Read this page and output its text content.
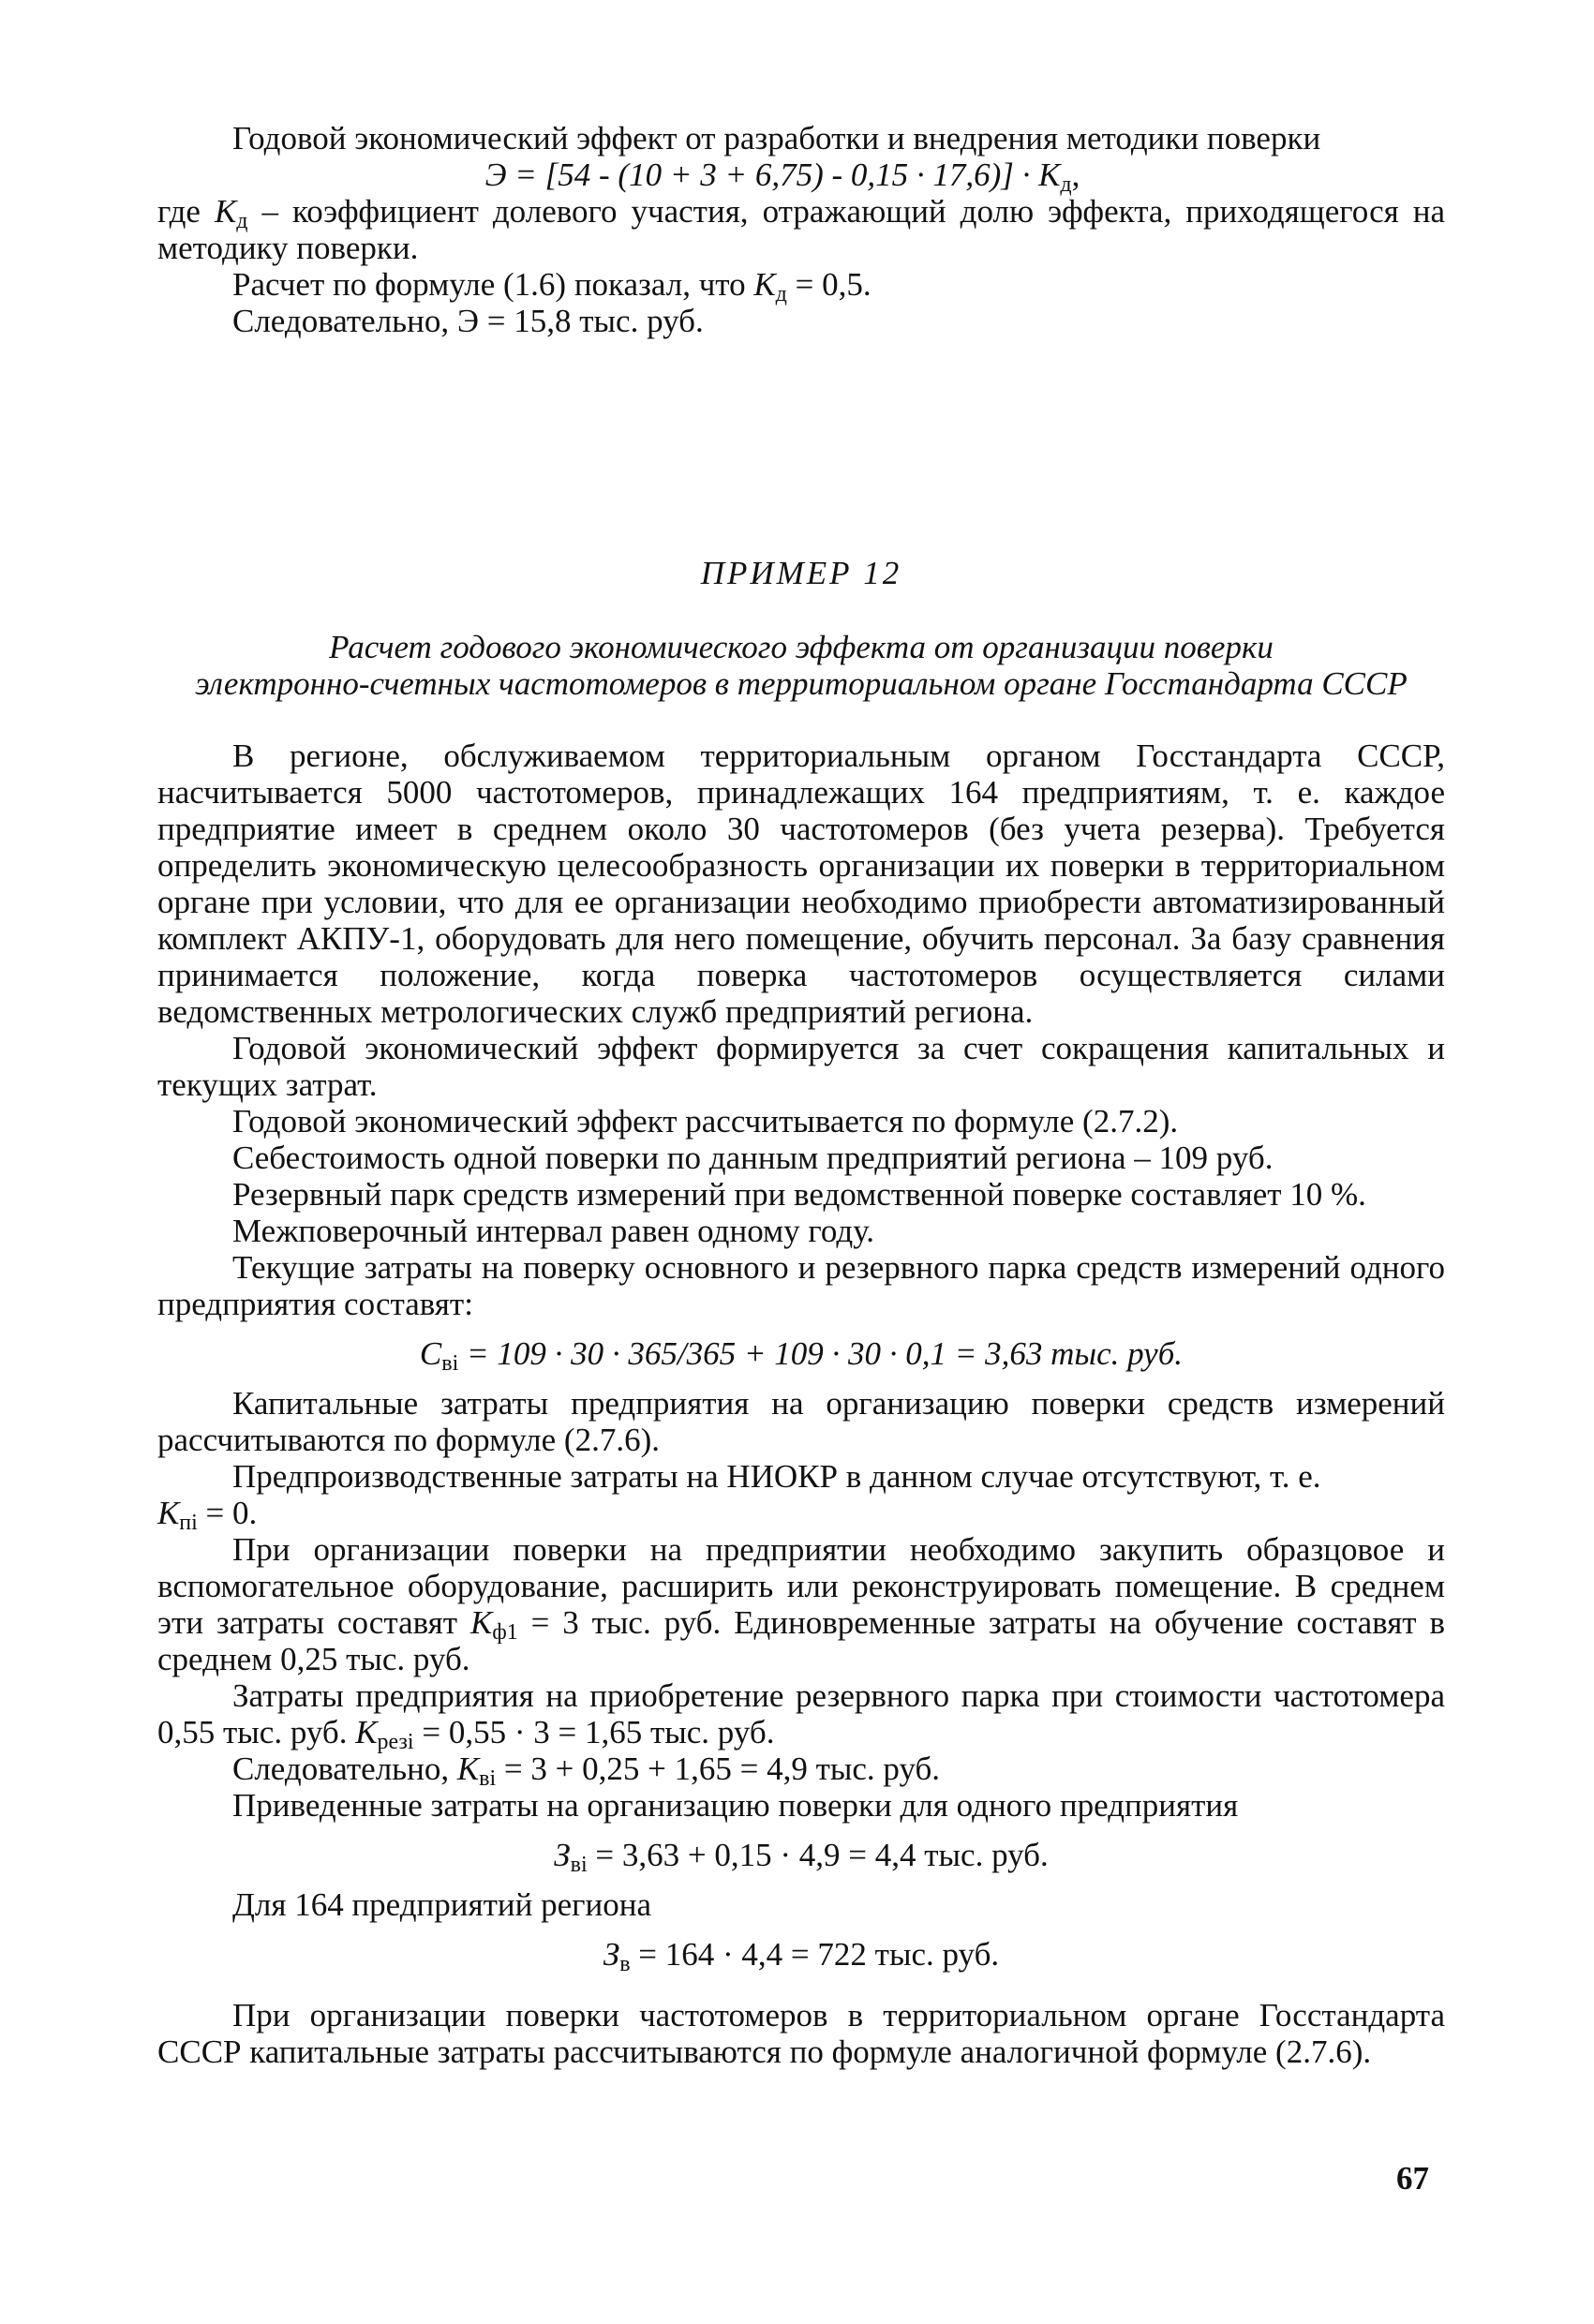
Годовой экономический эффект от разработки и внедрения методики поверки

$Э = [54 - (10 + 3 + 6,75) - 0,15 \cdot 17,6)] \cdot К_д$,

где $К_д$ – коэффициент долевого участия, отражающий долю эффекта, приходящегося на методику поверки.

Расчет по формуле (1.6) показал, что $К_д = 0,5$.

Следовательно, Э = 15,8 тыс. руб.

ПРИМЕР 12

Расчет годового экономического эффекта от организации поверки

электронно-счетных частотомеров в территориальном органе Госстандарта СССР

В регионе, обслуживаемом территориальным органом Госстандарта СССР, насчитывается 5000 частотомеров, принадлежащих 164 предприятиям, т. е. каждое предприятие имеет в среднем около 30 частотомеров (без учета резерва). Требуется определить экономическую целесообразность организации их поверки в территориальном органе при условии, что для ее организации необходимо приобрести автоматизированный комплект АКПУ-1, оборудовать для него помещение, обучить персонал. За базу сравнения принимается положение, когда поверка частотомеров осуществляется силами ведомственных метрологических служб предприятий региона.

Годовой экономический эффект формируется за счет сокращения капитальных и текущих затрат.

Годовой экономический эффект рассчитывается по формуле (2.7.2).

Себестоимость одной поверки по данным предприятий региона – 109 руб.

Резервный парк средств измерений при ведомственной поверке составляет 10 %.

Межповерочный интервал равен одному году.

Текущие затраты на поверку основного и резервного парка средств измерений одного предприятия составят:

$С_{вi} = 109 \cdot 30 \cdot 365/365 + 109 \cdot 30 \cdot 0,1 = 3,63$ тыс. руб.

Капитальные затраты предприятия на организацию поверки средств измерений рассчитываются по формуле (2.7.6).

Предпроизводственные затраты на НИОКР в данном случае отсутствуют, т. е.

$К_{пi} = 0$.

При организации поверки на предприятии необходимо закупить образцовое и вспомогательное оборудование, расширить или реконструировать помещение. В среднем эти затраты составят $К_{ф1} = 3$ тыс. руб. Единовременные затраты на обучение составят в среднем 0,25 тыс. руб.

Затраты предприятия на приобретение резервного парка при стоимости частотомера 0,55 тыс. руб. $К_{резi} = 0,55 \cdot 3 = 1,65$ тыс. руб.

Следовательно, $К_{вi} = 3 + 0,25 + 1,65 = 4,9$ тыс. руб.

Приведенные затраты на организацию поверки для одного предприятия

$З_{вi} = 3,63 + 0,15 \cdot 4,9 = 4,4$ тыс. руб.

Для 164 предприятий региона

$З_в = 164 \cdot 4,4 = 722$ тыс. руб.

При организации поверки частотомеров в территориальном органе Госстандарта СССР капитальные затраты рассчитываются по формуле аналогичной формуле (2.7.6).

67
